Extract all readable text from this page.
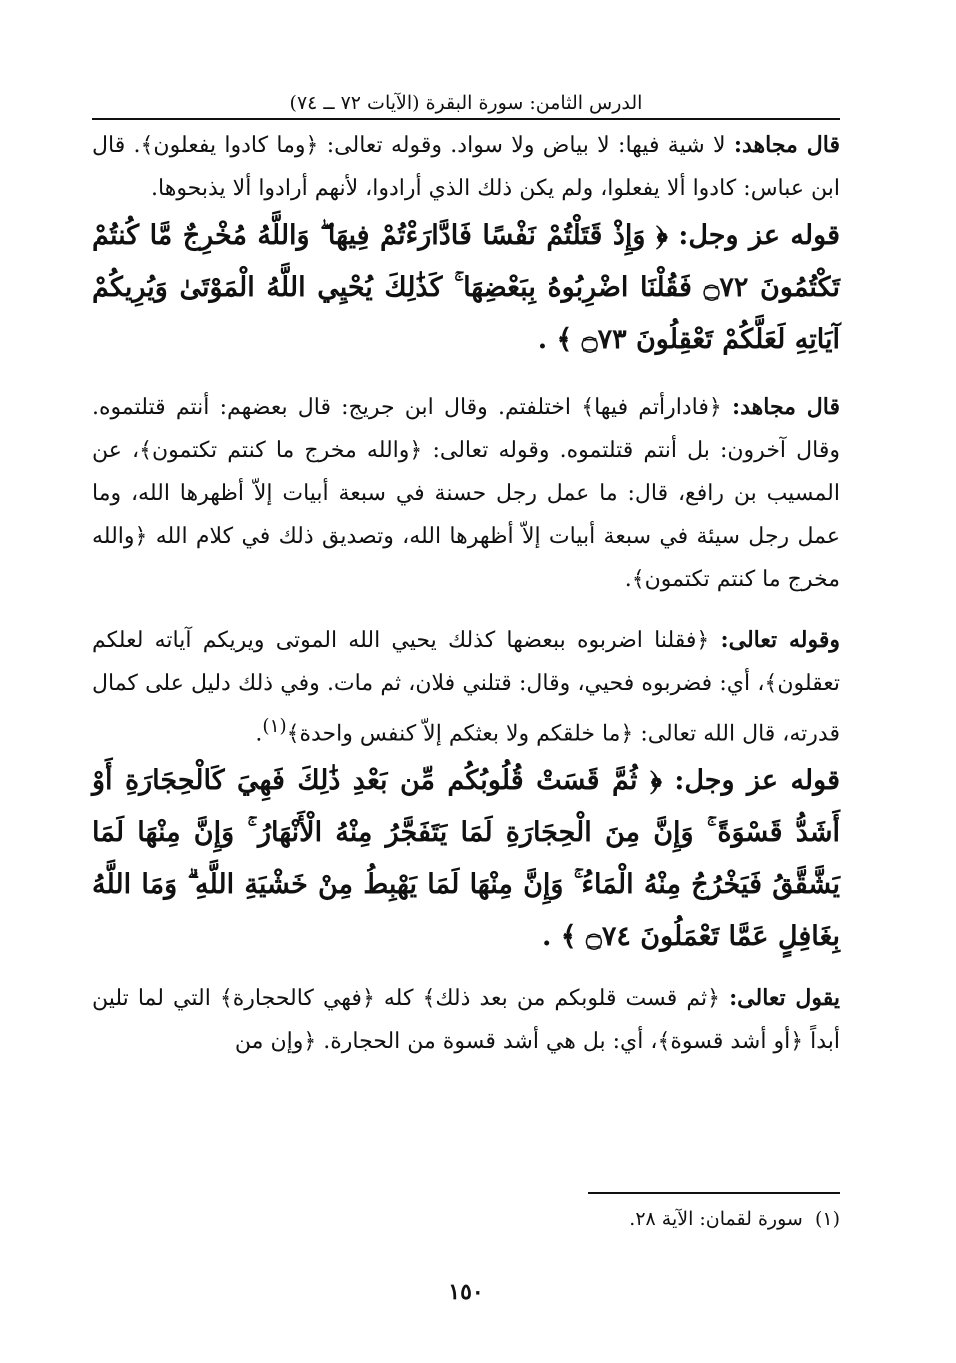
الدرس الثامن: سورة البقرة (الآيات ٧٢ ــ ٧٤)

قال مجاهد: لا شية فيها: لا بياض ولا سواد. وقوله تعالى: ﴿وما كادوا يفعلون﴾. قال ابن عباس: كادوا ألا يفعلوا، ولم يكن ذلك الذي أرادوا، لأنهم أرادوا ألا يذبحوها.

قوله عز وجل: ﴿ وَإِذْ قَتَلْتُمْ نَفْسًا فَادَّارَءْتُمْ فِيهَا ۖ وَاللَّهُ مُخْرِجٌ مَّا كُنتُمْ تَكْتُمُونَ ۝٧٢ فَقُلْنَا اضْرِبُوهُ بِبَعْضِهَا ۚ كَذَٰلِكَ يُحْيِي اللَّهُ الْمَوْتَىٰ وَيُرِيكُمْ آيَاتِهِ لَعَلَّكُمْ تَعْقِلُونَ ۝٧٣ ﴾ .

قال مجاهد: ﴿فادارأتم فيها﴾ اختلفتم. وقال ابن جريج: قال بعضهم: أنتم قتلتموه. وقال آخرون: بل أنتم قتلتموه. وقوله تعالى: ﴿والله مخرج ما كنتم تكتمون﴾، عن المسيب بن رافع، قال: ما عمل رجل حسنة في سبعة أبيات إلاّ أظهرها الله، وما عمل رجل سيئة في سبعة أبيات إلاّ أظهرها الله، وتصديق ذلك في كلام الله ﴿والله مخرج ما كنتم تكتمون﴾.

وقوله تعالى: ﴿فقلنا اضربوه ببعضها كذلك يحيي الله الموتى ويريكم آياته لعلكم تعقلون﴾، أي: فضربوه فحيي، وقال: قتلني فلان، ثم مات. وفي ذلك دليل على كمال قدرته، قال الله تعالى: ﴿ما خلقكم ولا بعثكم إلاّ كنفس واحدة﴾$^{(١)}$.

قوله عز وجل: ﴿ ثُمَّ قَسَتْ قُلُوبُكُم مِّن بَعْدِ ذَٰلِكَ فَهِيَ كَالْحِجَارَةِ أَوْ أَشَدُّ قَسْوَةً ۚ وَإِنَّ مِنَ الْحِجَارَةِ لَمَا يَتَفَجَّرُ مِنْهُ الْأَنْهَارُ ۚ وَإِنَّ مِنْهَا لَمَا يَشَّقَّقُ فَيَخْرُجُ مِنْهُ الْمَاءُ ۚ وَإِنَّ مِنْهَا لَمَا يَهْبِطُ مِنْ خَشْيَةِ اللَّهِ ۗ وَمَا اللَّهُ بِغَافِلٍ عَمَّا تَعْمَلُونَ ۝٧٤ ﴾ .

يقول تعالى: ﴿ثم قست قلوبكم من بعد ذلك﴾ كله ﴿فهي كالحجارة﴾ التي لما تلين أبداً ﴿أو أشد قسوة﴾، أي: بل هي أشد قسوة من الحجارة. ﴿وإن من

(١)  سورة لقمان: الآية ٢٨.
١٥٠
